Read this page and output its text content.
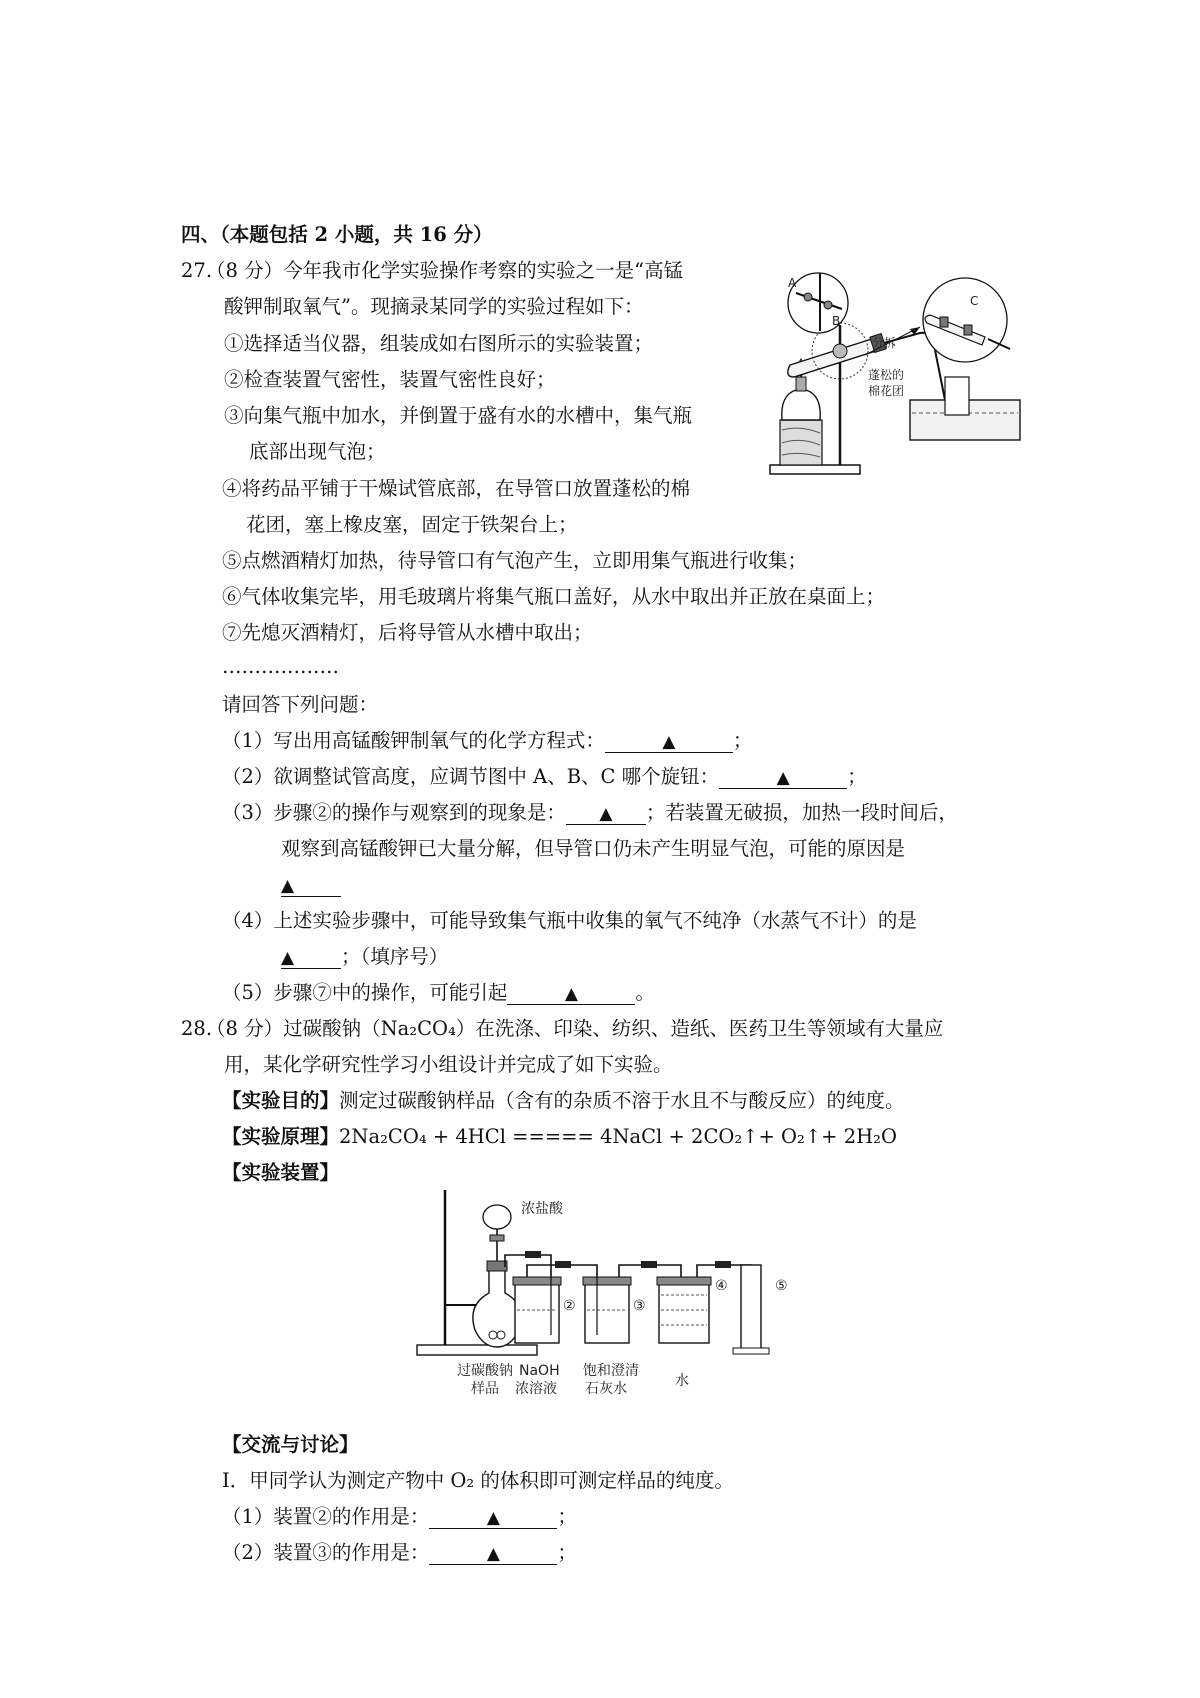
四、（本题包括 2 小题，共 16 分）
27.
（8 分）今年我市化学实验操作考察的实验之一是“高锰
酸钾制取氧气”。现摘录某同学的实验过程如下：
①选择适当仪器，组装成如右图所示的实验装置；
②检查装置气密性，装置气密性良好；
③向集气瓶中加水，并倒置于盛有水的水槽中，集气瓶
底部出现气泡；
④将药品平铺于干燥试管底部，在导管口放置蓬松的棉
花团，塞上橡皮塞，固定于铁架台上；
⑤点燃酒精灯加热，待导管口有气泡产生，立即用集气瓶进行收集；
⑥气体收集完毕，用毛玻璃片将集气瓶口盖好，从水中取出并正放在桌面上；
⑦先熄灭酒精灯，后将导管从水槽中取出；
………………
请回答下列问题：
（1）写出用高锰酸钾制氧气的化学方程式：	▲	；
（2）欲调整试管高度，应调节图中 A、B、C 哪个旋钮：	▲	；
（3）步骤②的操作与观察到的现象是： ▲ ；若装置无破损，加热一段时间后，
观察到高锰酸钾已大量分解，但导管口仍未产生明显气泡，可能的原因是
▲
（4）上述实验步骤中，可能导致集气瓶中收集的氧气不纯净（水蒸气不计）的是
▲ ；（填序号）
（5）步骤⑦中的操作，可能引起	▲	。
A
B
C
分拆
蓬松的
棉花团
28.
（8 分）过碳酸钠（Na₂CO₄）在洗涤、印染、纺织、造纸、医药卫生等领域有大量应
用，某化学研究性学习小组设计并完成了如下实验。
【实验目的】测定过碳酸钠样品（含有的杂质不溶于水且不与酸反应）的纯度。
【实验原理】2Na₂CO₄ + 4HCl ===== 4NaCl + 2CO₂↑+ O₂↑+ 2H₂O
【实验装置】
浓盐酸
②	③
④	⑤
过碳酸钠
样品
NaOH
浓溶液
饱和澄清
石灰水	水
【交流与讨论】
Ⅰ．甲同学认为测定产物中 O₂ 的体积即可测定样品的纯度。
（1）装置②的作用是：	▲	；
（2）装置③的作用是：	▲	；
